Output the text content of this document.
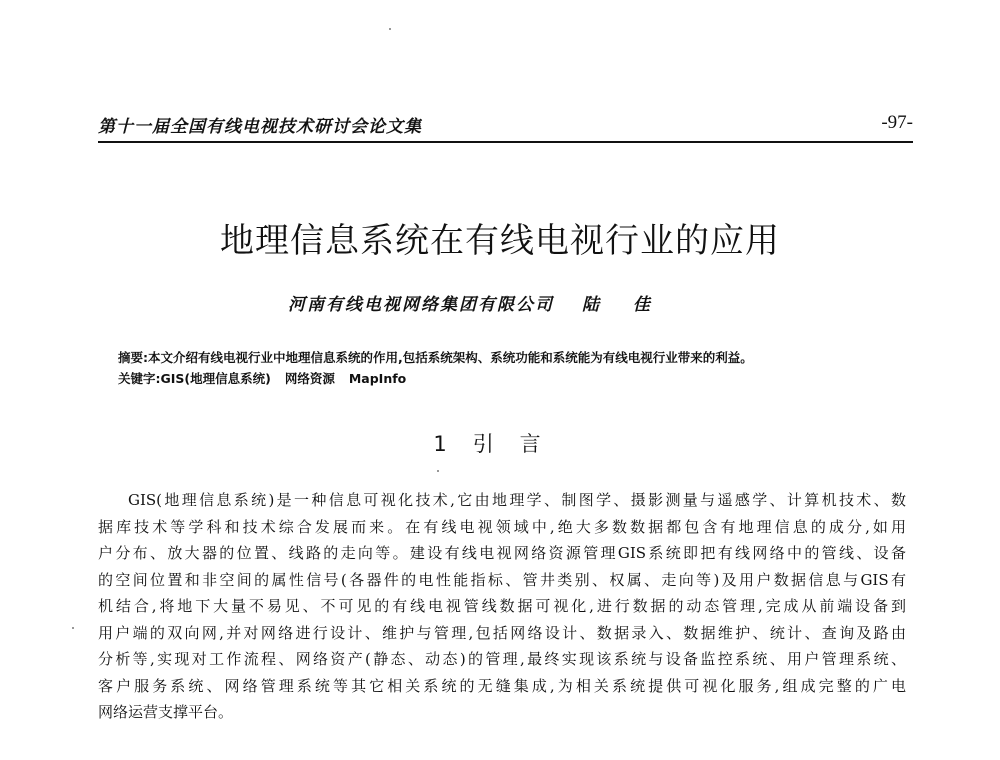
第十一届全国有线电视技术研讨会论文集	-97-
地理信息系统在有线电视行业的应用
河南有线电视网络集团有限公司 陆 佳
摘要:本文介绍有线电视行业中地理信息系统的作用,包括系统架构、系统功能和系统能为有线电视行业带来的利益。
关键字:GIS(地理信息系统) 网络资源 MapInfo
1 引言
GIS(地理信息系统)是一种信息可视化技术,它由地理学、制图学、摄影测量与遥感学、计算机技术、数
据库技术等学科和技术综合发展而来。在有线电视领域中,绝大多数数据都包含有地理信息的成分,如用
户分布、放大器的位置、线路的走向等。建设有线电视网络资源管理GIS系统即把有线网络中的管线、设备
的空间位置和非空间的属性信号(各器件的电性能指标、管井类别、权属、走向等)及用户数据信息与GIS有
机结合,将地下大量不易见、不可见的有线电视管线数据可视化,进行数据的动态管理,完成从前端设备到
用户端的双向网,并对网络进行设计、维护与管理,包括网络设计、数据录入、数据维护、统计、查询及路由
分析等,实现对工作流程、网络资产(静态、动态)的管理,最终实现该系统与设备监控系统、用户管理系统、
客户服务系统、网络管理系统等其它相关系统的无缝集成,为相关系统提供可视化服务,组成完整的广电
网络运营支撑平台。
